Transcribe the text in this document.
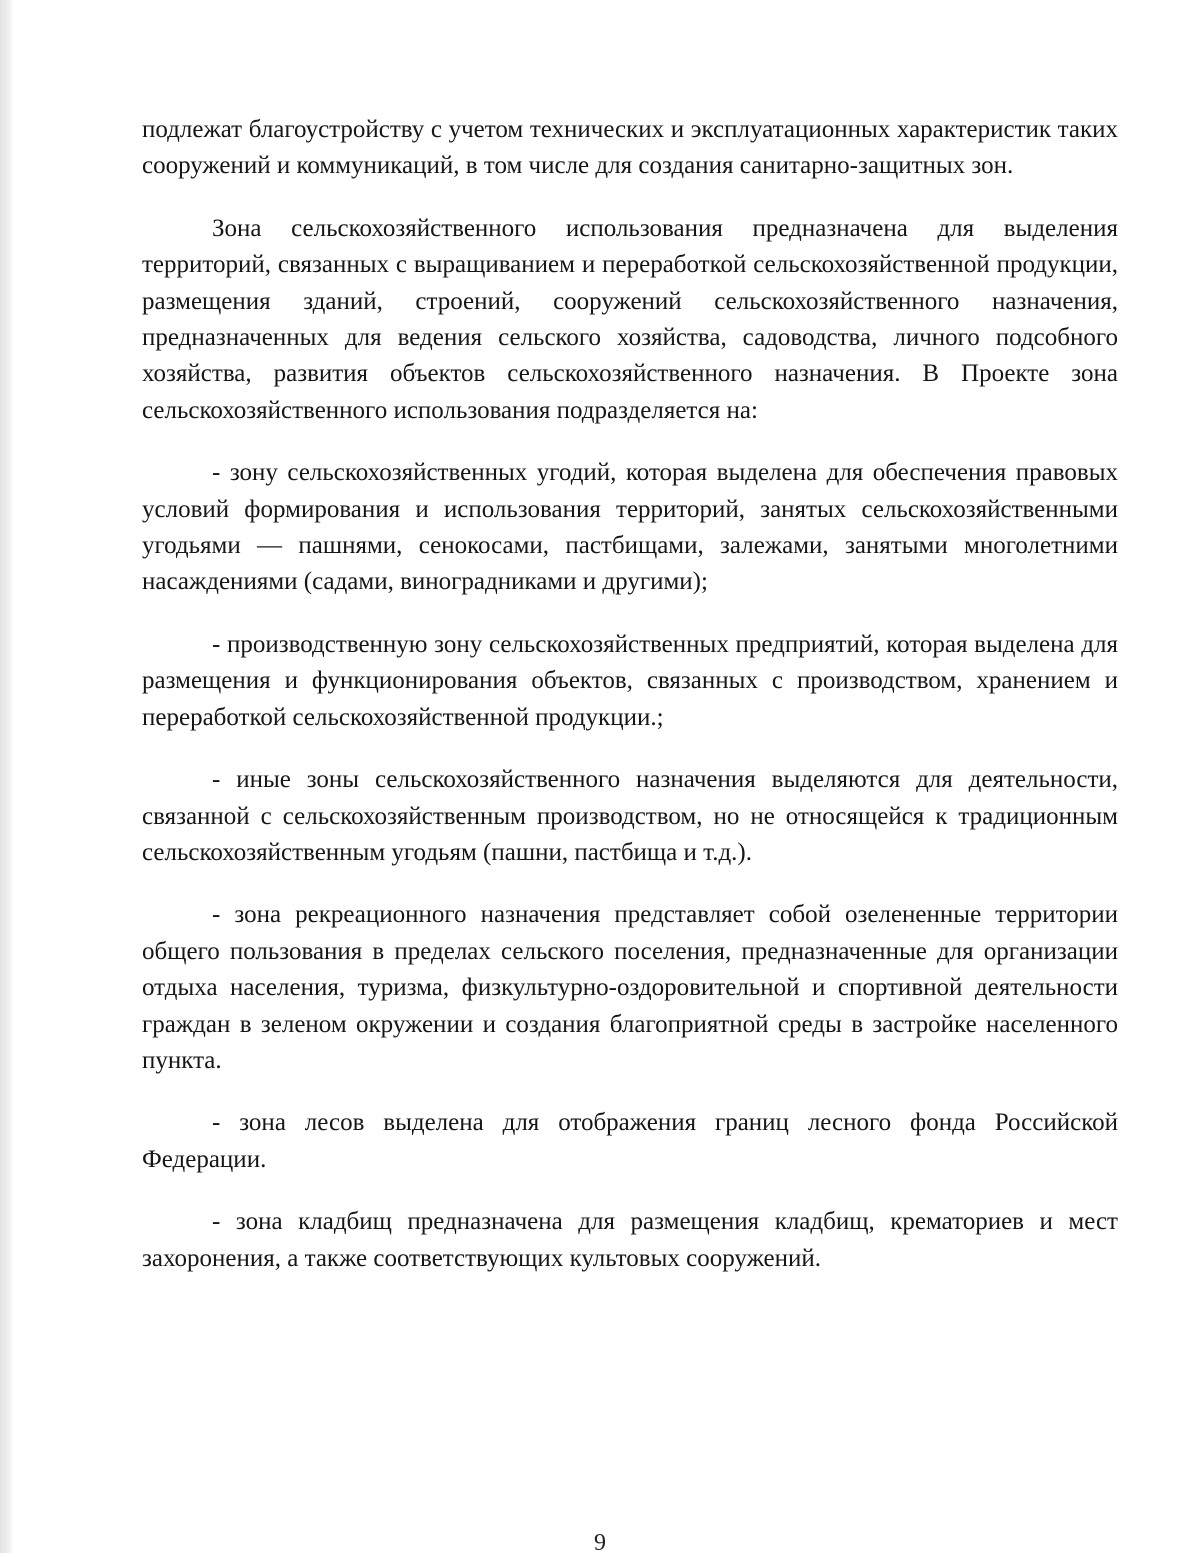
подлежат благоустройству с учетом технических и эксплуатационных характеристик таких сооружений и коммуникаций, в том числе для создания санитарно-защитных зон.

Зона сельскохозяйственного использования предназначена для выделения территорий, связанных с выращиванием и переработкой сельскохозяйственной продукции, размещения зданий, строений, сооружений сельскохозяйственного назначения, предназначенных для ведения сельского хозяйства, садоводства, личного подсобного хозяйства, развития объектов сельскохозяйственного назначения. В Проекте зона сельскохозяйственного использования подразделяется на:

- зону сельскохозяйственных угодий, которая выделена для обеспечения правовых условий формирования и использования территорий, занятых сельскохозяйственными угодьями — пашнями, сенокосами, пастбищами, залежами, занятыми многолетними насаждениями (садами, виноградниками и другими);

- производственную зону сельскохозяйственных предприятий, которая выделена для размещения и функционирования объектов, связанных с производством, хранением и переработкой сельскохозяйственной продукции.;

- иные зоны сельскохозяйственного назначения выделяются для деятельности, связанной с сельскохозяйственным производством, но не относящейся к традиционным сельскохозяйственным угодьям (пашни, пастбища и т.д.).

- зона рекреационного назначения представляет собой озелененные территории общего пользования в пределах сельского поселения, предназначенные для организации отдыха населения, туризма, физкультурно-оздоровительной и спортивной деятельности граждан в зеленом окружении и создания благоприятной среды в застройке населенного пункта.

- зона лесов выделена для отображения границ лесного фонда Российской Федерации.

- зона кладбищ предназначена для размещения кладбищ, крематориев и мест захоронения, а также соответствующих культовых сооружений.

9
